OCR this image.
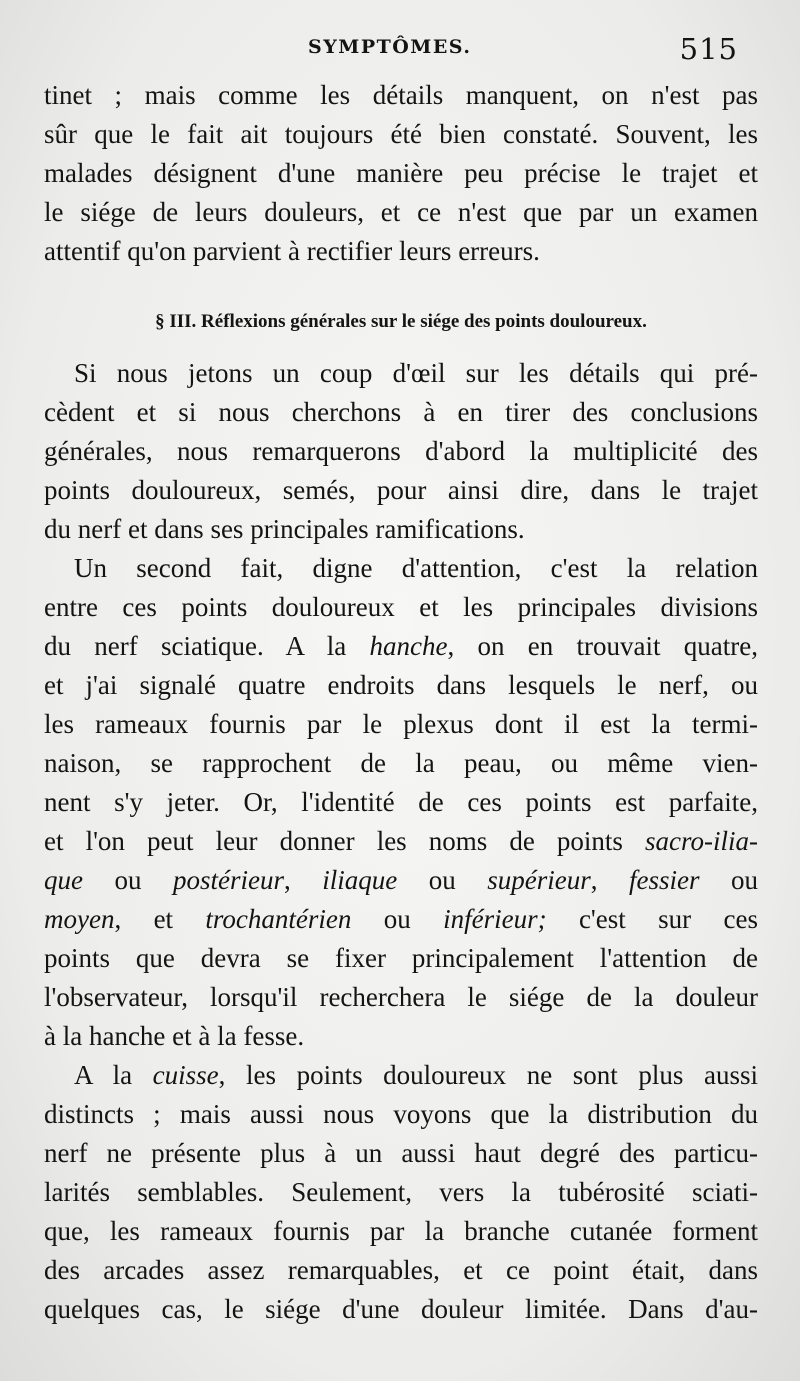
SYMPTÔMES.	515
tinet ; mais comme les détails manquent, on n'est pas
sûr que le fait ait toujours été bien constaté. Souvent, les
malades désignent d'une manière peu précise le trajet et
le siége de leurs douleurs, et ce n'est que par un examen
attentif qu'on parvient à rectifier leurs erreurs.
§ III. Réflexions générales sur le siége des points douloureux.
Si nous jetons un coup d'œil sur les détails qui pré-
cèdent et si nous cherchons à en tirer des conclusions
générales, nous remarquerons d'abord la multiplicité des
points douloureux, semés, pour ainsi dire, dans le trajet
du nerf et dans ses principales ramifications.
Un second fait, digne d'attention, c'est la relation
entre ces points douloureux et les principales divisions
du nerf sciatique. A la hanche, on en trouvait quatre,
et j'ai signalé quatre endroits dans lesquels le nerf, ou
les rameaux fournis par le plexus dont il est la termi-
naison, se rapprochent de la peau, ou même vien-
nent s'y jeter. Or, l'identité de ces points est parfaite,
et l'on peut leur donner les noms de points sacro-ilia-
que ou postérieur, iliaque ou supérieur, fessier ou
moyen, et trochantérien ou inférieur; c'est sur ces
points que devra se fixer principalement l'attention de
l'observateur, lorsqu'il recherchera le siége de la douleur
à la hanche et à la fesse.
A la cuisse, les points douloureux ne sont plus aussi
distincts ; mais aussi nous voyons que la distribution du
nerf ne présente plus à un aussi haut degré des particu-
larités semblables. Seulement, vers la tubérosité sciati-
que, les rameaux fournis par la branche cutanée forment
des arcades assez remarquables, et ce point était, dans
quelques cas, le siége d'une douleur limitée. Dans d'au-
